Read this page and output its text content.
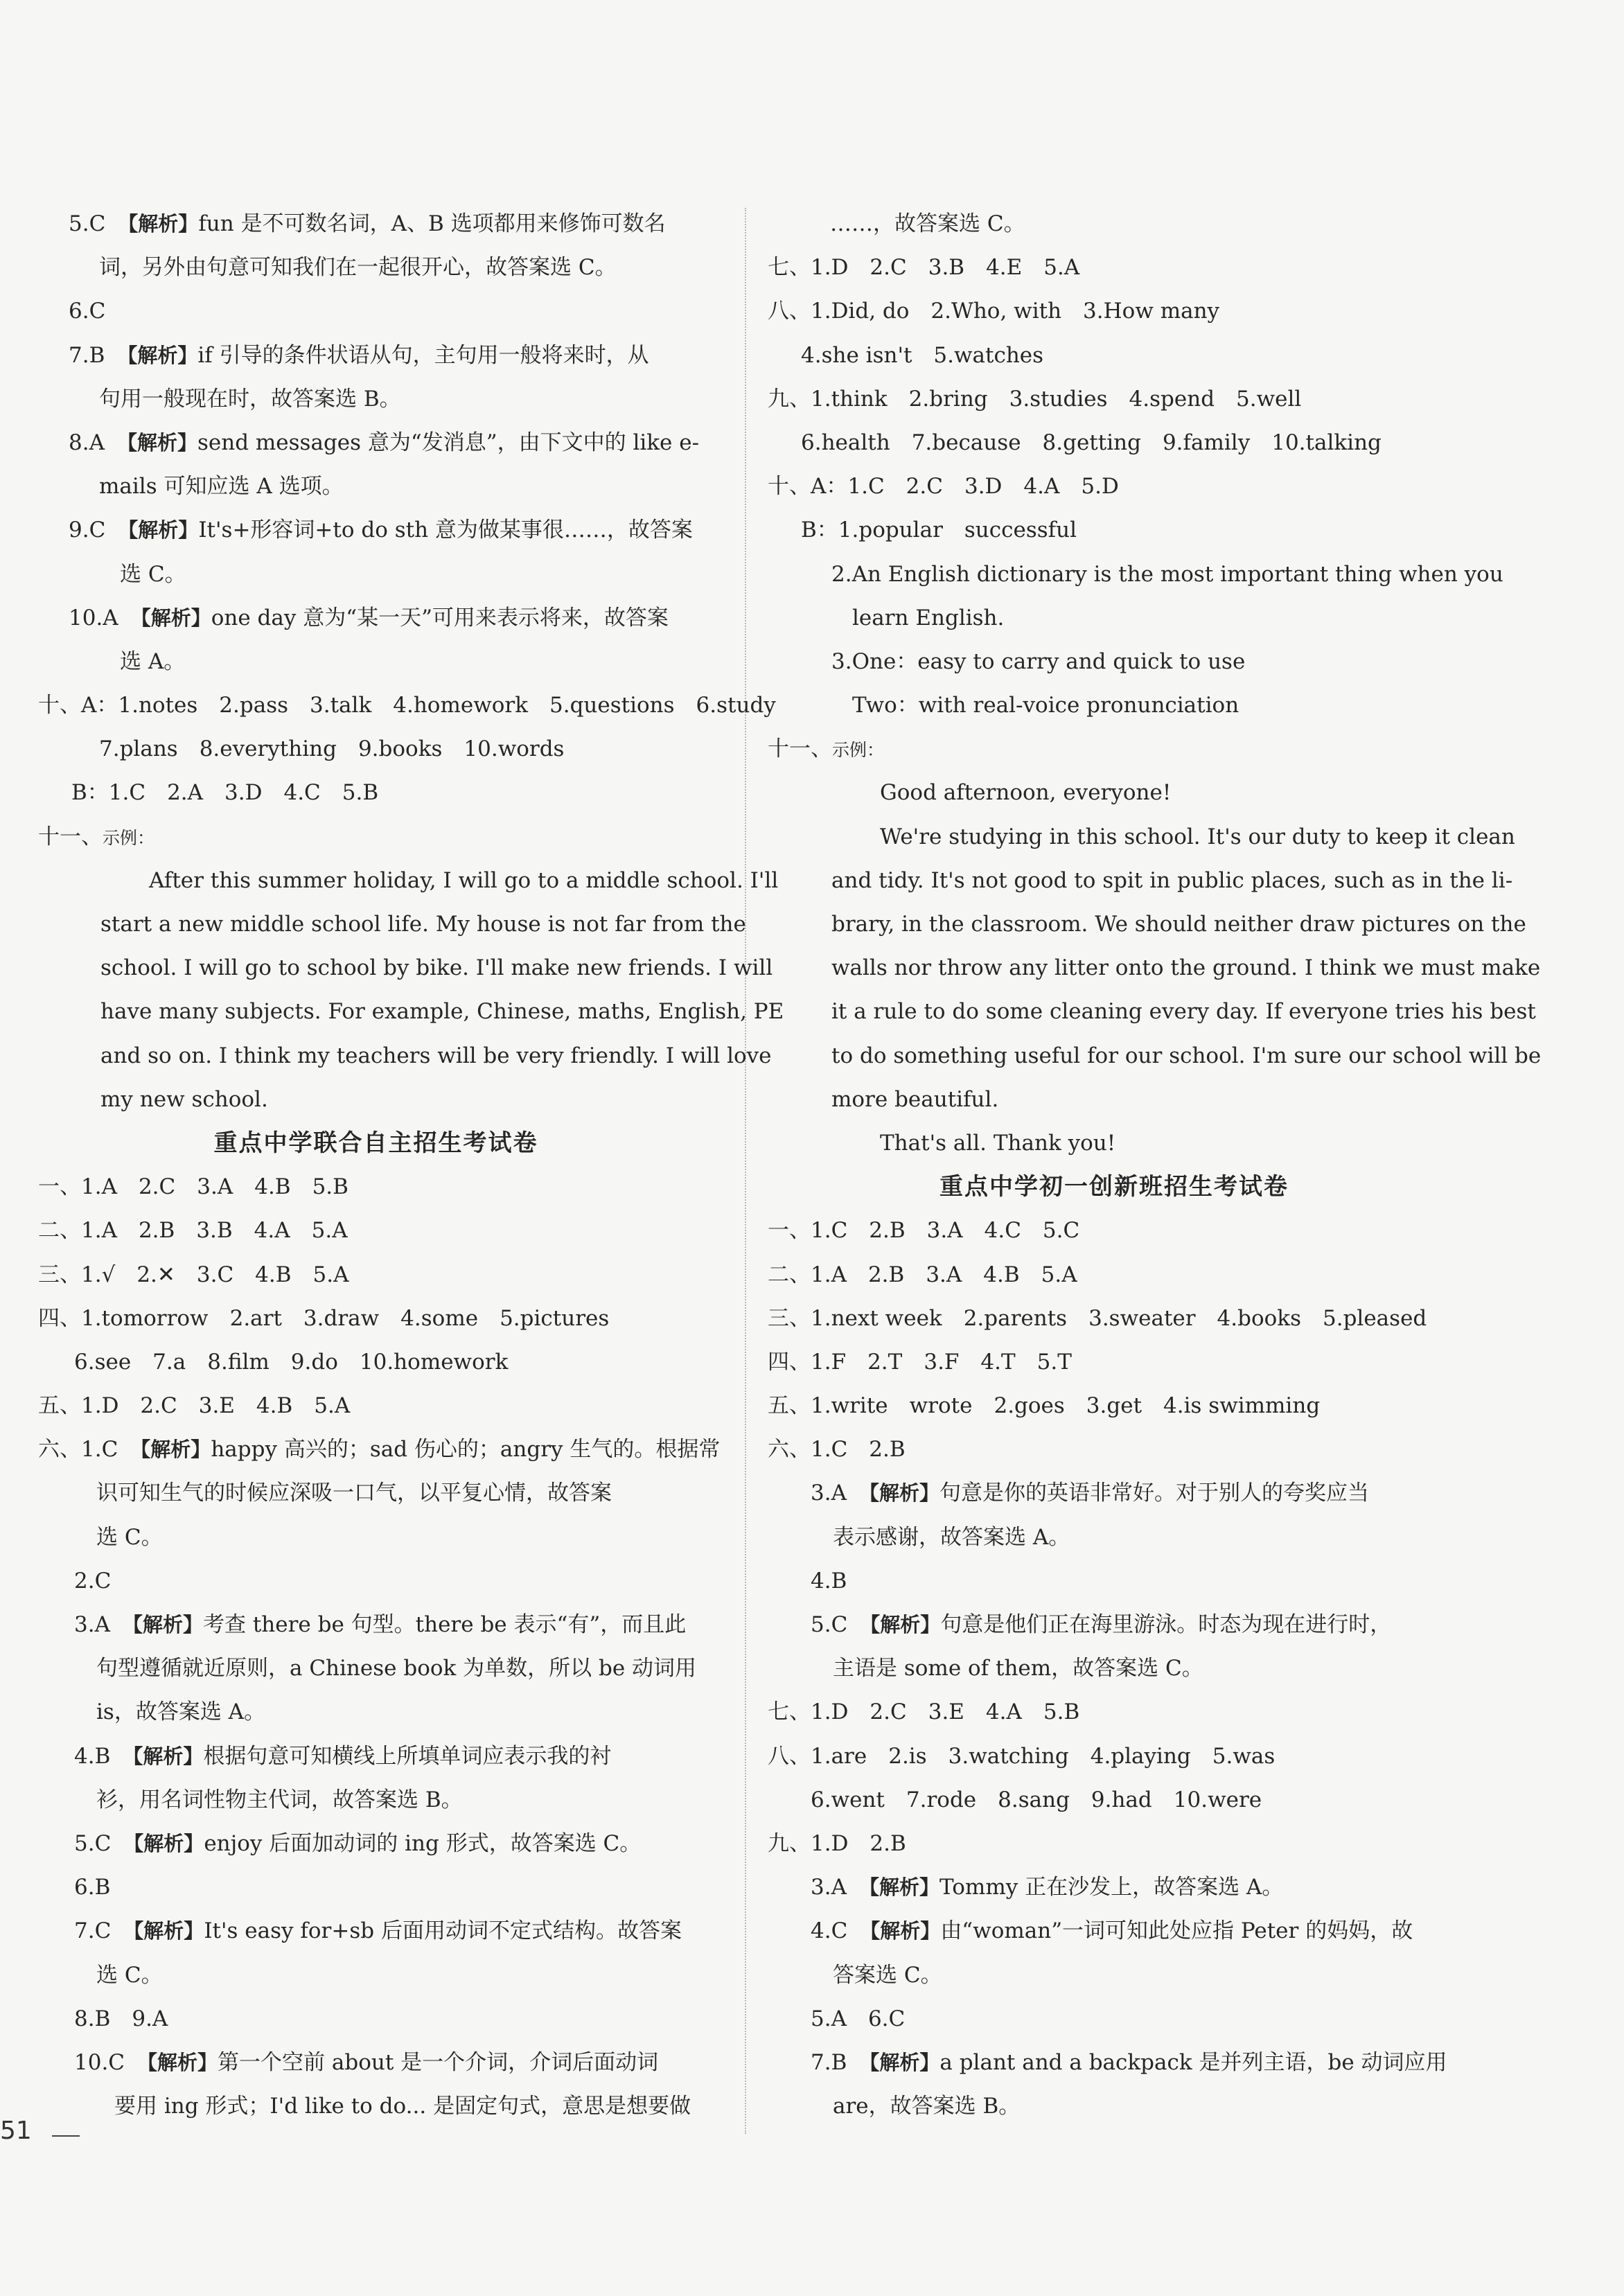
5.C 【解析】fun 是不可数名词，A、B 选项都用来修饰可数名
词，另外由句意可知我们在一起很开心，故答案选 C。
6.C
7.B 【解析】if 引导的条件状语从句，主句用一般将来时，从
句用一般现在时，故答案选 B。
8.A 【解析】send messages 意为“发消息”，由下文中的 like e-
mails 可知应选 A 选项。
9.C 【解析】It's+形容词+to do sth 意为做某事很……，故答案
选 C。
10.A 【解析】one day 意为“某一天”可用来表示将来，故答案
选 A。
十、A：1.notes　2.pass　3.talk　4.homework　5.questions　6.study
7.plans　8.everything　9.books　10.words
B：1.C　2.A　3.D　4.C　5.B
十一、示例：
After this summer holiday, I will go to a middle school. I'll
start a new middle school life. My house is not far from the
school. I will go to school by bike. I'll make new friends. I will
have many subjects. For example, Chinese, maths, English, PE
and so on. I think my teachers will be very friendly. I will love
my new school.
重点中学联合自主招生考试卷
一、1.A　2.C　3.A　4.B　5.B
二、1.A　2.B　3.B　4.A　5.A
三、1.√　2.✕　3.C　4.B　5.A
四、1.tomorrow　2.art　3.draw　4.some　5.pictures
6.see　7.a　8.film　9.do　10.homework
五、1.D　2.C　3.E　4.B　5.A
六、1.C 【解析】happy 高兴的；sad 伤心的；angry 生气的。根据常
识可知生气的时候应深吸一口气，以平复心情，故答案
选 C。
2.C
3.A 【解析】考查 there be 句型。there be 表示“有”，而且此
句型遵循就近原则，a Chinese book 为单数，所以 be 动词用
is，故答案选 A。
4.B 【解析】根据句意可知横线上所填单词应表示我的衬
衫，用名词性物主代词，故答案选 B。
5.C 【解析】enjoy 后面加动词的 ing 形式，故答案选 C。
6.B
7.C 【解析】It's easy for+sb 后面用动词不定式结构。故答案
选 C。
8.B　9.A
10.C 【解析】第一个空前 about 是一个介词，介词后面动词
要用 ing 形式；I'd like to do... 是固定句式，意思是想要做
……，故答案选 C。
七、1.D　2.C　3.B　4.E　5.A
八、1.Did, do　2.Who, with　3.How many
4.she isn't　5.watches
九、1.think　2.bring　3.studies　4.spend　5.well
6.health　7.because　8.getting　9.family　10.talking
十、A：1.C　2.C　3.D　4.A　5.D
B：1.popular　successful
2.An English dictionary is the most important thing when you
learn English.
3.One：easy to carry and quick to use
Two：with real-voice pronunciation
十一、示例：
Good afternoon, everyone!
We're studying in this school. It's our duty to keep it clean
and tidy. It's not good to spit in public places, such as in the li-
brary, in the classroom. We should neither draw pictures on the
walls nor throw any litter onto the ground. I think we must make
it a rule to do some cleaning every day. If everyone tries his best
to do something useful for our school. I'm sure our school will be
more beautiful.
That's all. Thank you!
重点中学初一创新班招生考试卷
一、1.C　2.B　3.A　4.C　5.C
二、1.A　2.B　3.A　4.B　5.A
三、1.next week　2.parents　3.sweater　4.books　5.pleased
四、1.F　2.T　3.F　4.T　5.T
五、1.write　wrote　2.goes　3.get　4.is swimming
六、1.C　2.B
3.A 【解析】句意是你的英语非常好。对于别人的夸奖应当
表示感谢，故答案选 A。
4.B
5.C 【解析】句意是他们正在海里游泳。时态为现在进行时，
主语是 some of them，故答案选 C。
七、1.D　2.C　3.E　4.A　5.B
八、1.are　2.is　3.watching　4.playing　5.was
6.went　7.rode　8.sang　9.had　10.were
九、1.D　2.B
3.A 【解析】Tommy 正在沙发上，故答案选 A。
4.C 【解析】由“woman”一词可知此处应指 Peter 的妈妈，故
答案选 C。
5.A　6.C
7.B 【解析】a plant and a backpack 是并列主语，be 动词应用
are，故答案选 B。
51
